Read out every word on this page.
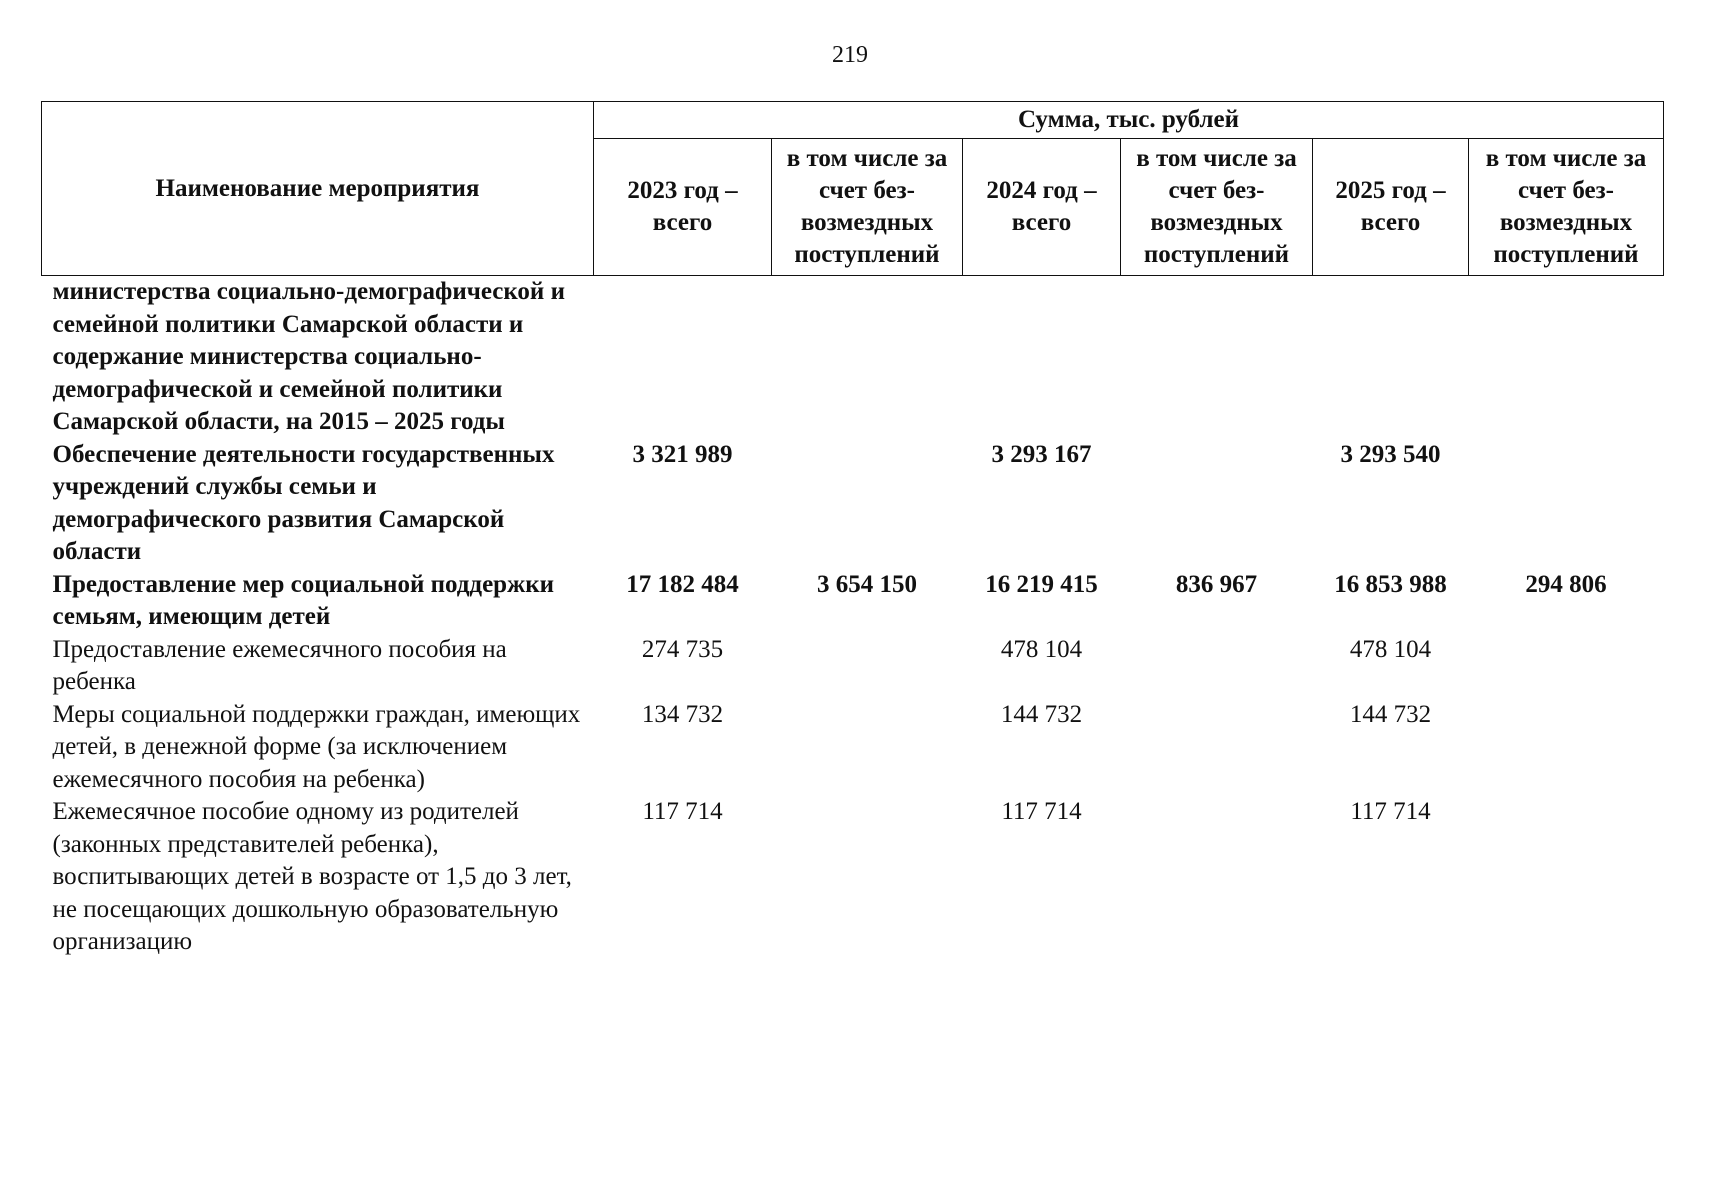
219
Наименование мероприятия	Сумма, тыс. рублей					
	2023 год – всего	в том числе за счет без-возмездных поступлений	2024 год – всего	в том числе за счет без-возмездных поступлений	2025 год – всего	в том числе за счет без-возмездных поступлений
министерства социально-демографической и семейной политики Самарской области и содержание министерства социально-демографической и семейной политики Самарской области, на 2015 – 2025 годы						
Обеспечение деятельности государственных учреждений службы семьи и демографического развития Самарской области	3 321 989		3 293 167		3 293 540	
Предоставление мер социальной поддержки семьям, имеющим детей	17 182 484	3 654 150	16 219 415	836 967	16 853 988	294 806
Предоставление ежемесячного пособия на ребенка	274 735		478 104		478 104	
Меры социальной поддержки граждан, имеющих детей, в денежной форме (за исключением ежемесячного пособия на ребенка)	134 732		144 732		144 732	
Ежемесячное пособие одному из родителей (законных представителей ребенка), воспитывающих детей в возрасте от 1,5 до 3 лет, не посещающих дошкольную образовательную организацию	117 714		117 714		117 714	
